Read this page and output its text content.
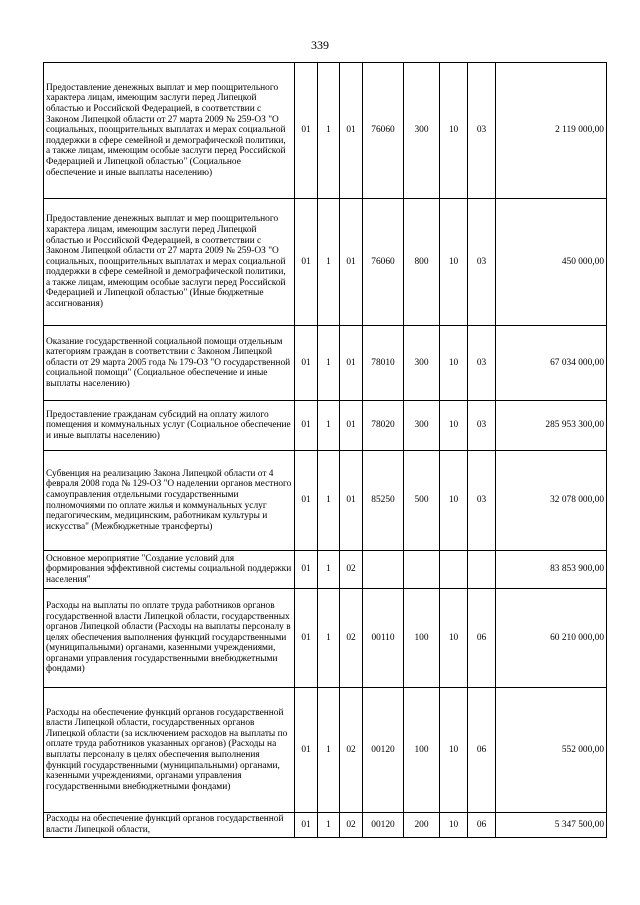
339
Предоставление денежных выплат и мер поощрительного характера лицам, имеющим заслуги перед Липецкой областью и Российской Федерацией, в соответствии с Законом Липецкой области от 27 марта 2009 № 259-ОЗ "О социальных, поощрительных выплатах и мерах социальной поддержки в сфере семейной и демографической политики, а также лицам, имеющим особые заслуги перед Российской Федерацией и Липецкой областью" (Социальное обеспечение и иные выплаты населению)	01	1	01	76060	300	10	03	2 119 000,00
Предоставление денежных выплат и мер поощрительного характера лицам, имеющим заслуги перед Липецкой областью и Российской Федерацией, в соответствии с Законом Липецкой области от 27 марта 2009 № 259-ОЗ "О социальных, поощрительных выплатах и мерах социальной поддержки в сфере семейной и демографической политики, а также лицам, имеющим особые заслуги перед Российской Федерацией и Липецкой областью" (Иные бюджетные ассигнования)	01	1	01	76060	800	10	03	450 000,00
Оказание государственной социальной помощи отдельным категориям граждан в соответствии с Законом Липецкой области от 29 марта 2005 года № 179-ОЗ "О государственной социальной помощи" (Социальное обеспечение и иные выплаты населению)	01	1	01	78010	300	10	03	67 034 000,00
Предоставление гражданам субсидий на оплату жилого помещения и коммунальных услуг (Социальное обеспечение и иные выплаты населению)	01	1	01	78020	300	10	03	285 953 300,00
Субвенция на реализацию Закона Липецкой области от 4 февраля 2008 года № 129-ОЗ "О наделении органов местного самоуправления отдельными государственными полномочиями по оплате жилья и коммунальных услуг педагогическим, медицинским, работникам культуры и искусства" (Межбюджетные трансферты)	01	1	01	85250	500	10	03	32 078 000,00
Основное мероприятие "Создание условий для формирования эффективной системы социальной поддержки населения"	01	1	02					83 853 900,00
Расходы на выплаты по оплате труда работников органов государственной власти Липецкой области, государственных органов Липецкой области (Расходы на выплаты персоналу в целях обеспечения выполнения функций государственными (муниципальными) органами, казенными учреждениями, органами управления государственными внебюджетными фондами)	01	1	02	00110	100	10	06	60 210 000,00
Расходы на обеспечение функций органов государственной власти Липецкой области, государственных органов Липецкой области (за исключением расходов на выплаты по оплате труда работников указанных органов) (Расходы на выплаты персоналу в целях обеспечения выполнения функций государственными (муниципальными) органами, казенными учреждениями, органами управления государственными внебюджетными фондами)	01	1	02	00120	100	10	06	552 000,00
Расходы на обеспечение функций органов государственной власти Липецкой области,	01	1	02	00120	200	10	06	5 347 500,00
